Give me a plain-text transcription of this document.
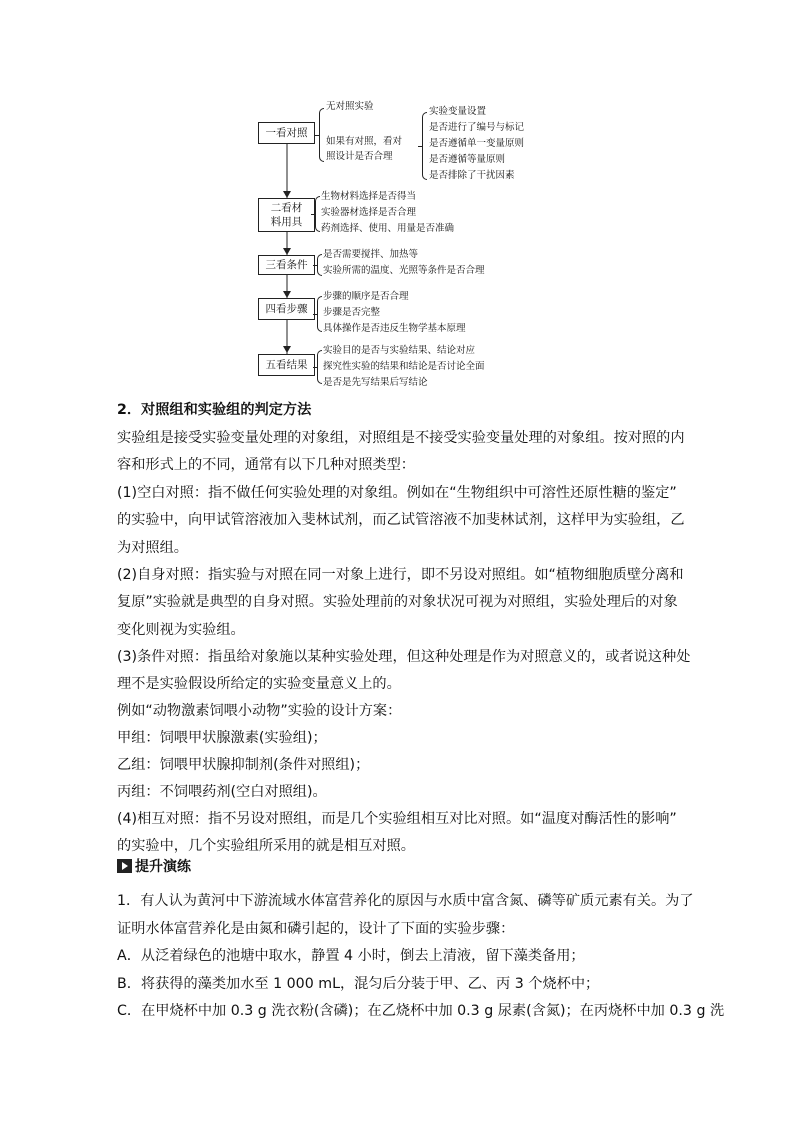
一看对照
无对照实验
如果有对照，看对
照设计是否合理
实验变量设置
是否进行了编号与标记
是否遵循单一变量原则
是否遵循等量原则
是否排除了干扰因素
二看材
料用具
生物材料选择是否得当
实验器材选择是否合理
药剂选择、使用、用量是否准确
三看条件
是否需要搅拌、加热等
实验所需的温度、光照等条件是否合理
四看步骤
步骤的顺序是否合理
步骤是否完整
具体操作是否违反生物学基本原理
五看结果
实验目的是否与实验结果、结论对应
探究性实验的结果和结论是否讨论全面
是否是先写结果后写结论
2．对照组和实验组的判定方法
实验组是接受实验变量处理的对象组，对照组是不接受实验变量处理的对象组。按对照的内
容和形式上的不同，通常有以下几种对照类型：
(1)空白对照：指不做任何实验处理的对象组。例如在“生物组织中可溶性还原性糖的鉴定”
的实验中，向甲试管溶液加入斐林试剂，而乙试管溶液不加斐林试剂，这样甲为实验组，乙
为对照组。
(2)自身对照：指实验与对照在同一对象上进行，即不另设对照组。如“植物细胞质壁分离和
复原”实验就是典型的自身对照。实验处理前的对象状况可视为对照组，实验处理后的对象
变化则视为实验组。
(3)条件对照：指虽给对象施以某种实验处理，但这种处理是作为对照意义的，或者说这种处
理不是实验假设所给定的实验变量意义上的。
例如“动物激素饲喂小动物”实验的设计方案：
甲组：饲喂甲状腺激素(实验组)；
乙组：饲喂甲状腺抑制剂(条件对照组)；
丙组：不饲喂药剂(空白对照组)。
(4)相互对照：指不另设对照组，而是几个实验组相互对比对照。如“温度对酶活性的影响”
的实验中，几个实验组所采用的就是相互对照。
提升演练
1．有人认为黄河中下游流域水体富营养化的原因与水质中富含氮、磷等矿质元素有关。为了
证明水体富营养化是由氮和磷引起的，设计了下面的实验步骤：
A．从泛着绿色的池塘中取水，静置 4 小时，倒去上清液，留下藻类备用；
B．将获得的藻类加水至 1 000 mL，混匀后分装于甲、乙、丙 3 个烧杯中；
C．在甲烧杯中加 0.3 g 洗衣粉(含磷)；在乙烧杯中加 0.3 g 尿素(含氮)；在丙烧杯中加 0.3 g 洗
